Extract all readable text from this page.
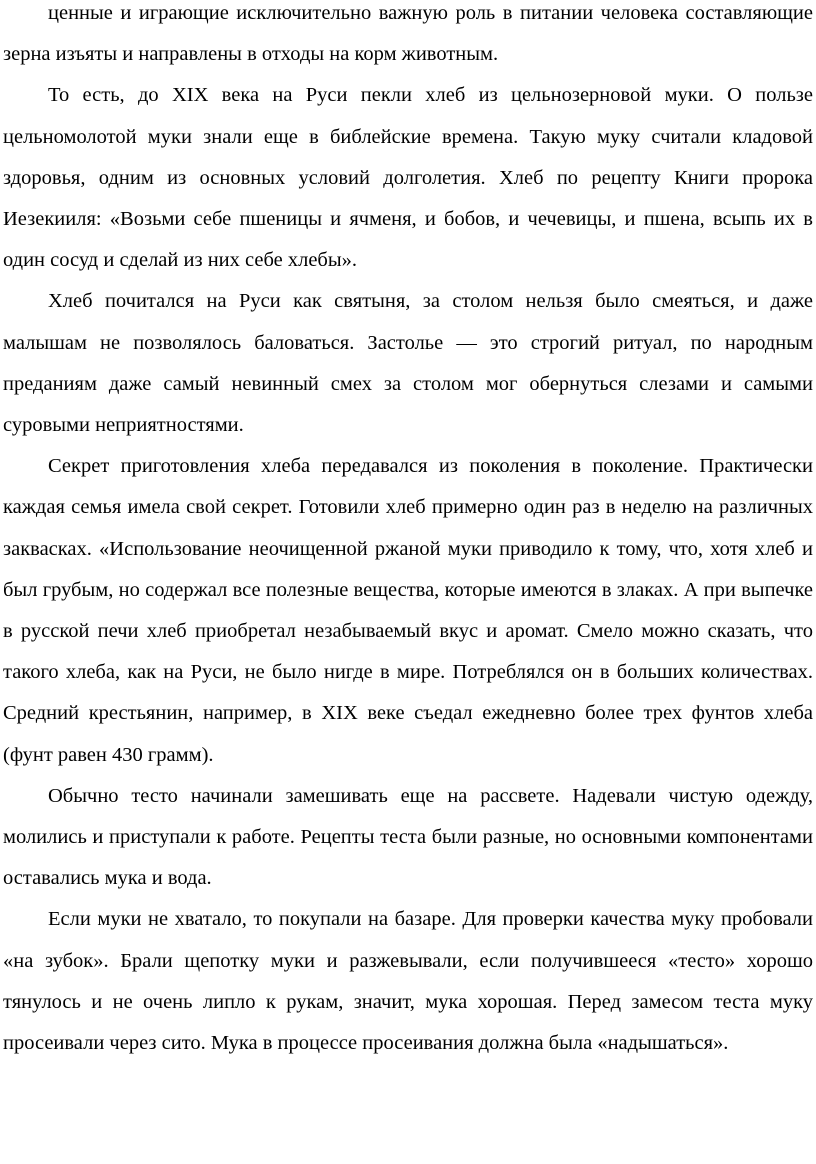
ценные и играющие исключительно важную роль в питании человека составляющие зерна изъяты и направлены в отходы на корм животным.

То есть, до XIX века на Руси пекли хлеб из цельнозерновой муки. О пользе цельномолотой муки знали еще в библейские времена. Такую муку считали кладовой здоровья, одним из основных условий долголетия. Хлеб по рецепту Книги пророка Иезекииля: «Возьми себе пшеницы и ячменя, и бобов, и чечевицы, и пшена, всыпь их в один сосуд и сделай из них себе хлебы».

Хлеб почитался на Руси как святыня, за столом нельзя было смеяться, и даже малышам не позволялось баловаться. Застолье — это строгий ритуал, по народным преданиям даже самый невинный смех за столом мог обернуться слезами и самыми суровыми неприятностями.

Секрет приготовления хлеба передавался из поколения в поколение. Практически каждая семья имела свой секрет. Готовили хлеб примерно один раз в неделю на различных заквасках. «Использование неочищенной ржаной муки приводило к тому, что, хотя хлеб и был грубым, но содержал все полезные вещества, которые имеются в злаках. А при выпечке в русской печи хлеб приобретал незабываемый вкус и аромат. Смело можно сказать, что такого хлеба, как на Руси, не было нигде в мире. Потреблялся он в больших количествах. Средний крестьянин, например, в XIX веке съедал ежедневно более трех фунтов хлеба (фунт равен 430 грамм).

Обычно тесто начинали замешивать еще на рассвете. Надевали чистую одежду, молились и приступали к работе. Рецепты теста были разные, но основными компонентами оставались мука и вода.

Если муки не хватало, то покупали на базаре. Для проверки качества муку пробовали «на зубок». Брали щепотку муки и разжевывали, если получившееся «тесто» хорошо тянулось и не очень липло к рукам, значит, мука хорошая. Перед замесом теста муку просеивали через сито. Мука в процессе просеивания должна была «надышаться».
